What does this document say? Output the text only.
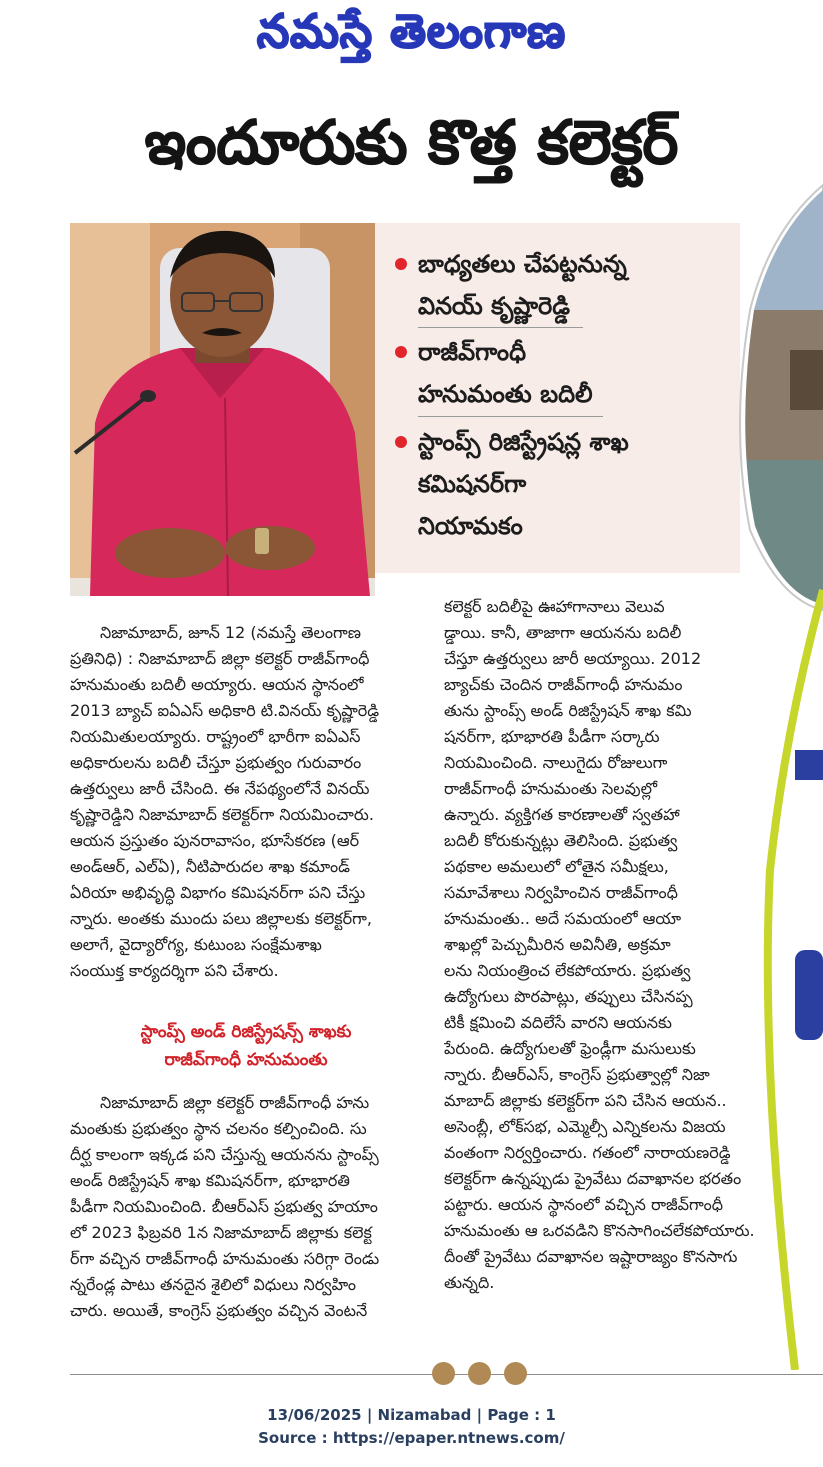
నమస్తే తెలంగాణ
ఇందూరుకు కొత్త కలెక్టర్
బాధ్యతలు చేపట్టనున్న
వినయ్ కృష్ణారెడ్డి
రాజీవ్‌గాంధీ
హనుమంతు బదిలీ
స్టాంప్స్ రిజిస్ట్రేషన్ల శాఖ
కమిషనర్‌గా
నియామకం

నిజామాబాద్, జూన్ 12 (నమస్తే తెలంగాణ

ప్రతినిధి) : నిజామాబాద్ జిల్లా కలెక్టర్ రాజీవ్‌గాంధీ

హనుమంతు బదిలీ అయ్యారు. ఆయన స్థానంలో

2013 బ్యాచ్ ఐఏఎస్ అధికారి టి.వినయ్ కృష్ణారెడ్డి

నియమితులయ్యారు. రాష్ట్రంలో భారీగా ఐఏఎస్

అధికారులను బదిలీ చేస్తూ ప్రభుత్వం గురువారం

ఉత్తర్వులు జారీ చేసింది. ఈ నేపథ్యంలోనే వినయ్

కృష్ణారెడ్డిని నిజామాబాద్ కలెక్టర్‌గా నియమించారు.

ఆయన ప్రస్తుతం పునరావాసం, భూసేకరణ (ఆర్

అండ్‌ఆర్, ఎల్‌ఏ), నీటిపారుదల శాఖ కమాండ్

ఏరియా అభివృద్ధి విభాగం కమిషనర్‌గా పని చేస్తు

న్నారు. అంతకు ముందు పలు జిల్లాలకు కలెక్టర్‌గా,

అలాగే, వైద్యారోగ్య, కుటుంబ సంక్షేమశాఖ

సంయుక్త కార్యదర్శిగా పని చేశారు.

స్టాంప్స్ అండ్ రిజిస్ట్రేషన్స్ శాఖకు

రాజీవ్‌గాంధీ హనుమంతు

నిజామాబాద్ జిల్లా కలెక్టర్ రాజీవ్‌గాంధీ హను

మంతుకు ప్రభుత్వం స్థాన చలనం కల్పించింది. సు

దీర్ఘ కాలంగా ఇక్కడ పని చేస్తున్న ఆయనను స్టాంప్స్

అండ్ రిజిస్ట్రేషన్ శాఖ కమిషనర్‌గా, భూభారతి

పీడీగా నియమించింది. బీఆర్‌ఎస్ ప్రభుత్వ హయాం

లో 2023 ఫిబ్రవరి 1న నిజామాబాద్ జిల్లాకు కలెక్ట

ర్‌గా వచ్చిన రాజీవ్‌గాంధీ హనుమంతు సరిగ్గా రెండు

న్నరేండ్ల పాటు తనదైన శైలిలో విధులు నిర్వహిం

చారు. అయితే, కాంగ్రెస్ ప్రభుత్వం వచ్చిన వెంటనే

కలెక్టర్ బదిలీపై ఊహాగానాలు వెలువ

డ్డాయి. కానీ, తాజాగా ఆయనను బదిలీ

చేస్తూ ఉత్తర్వులు జారీ అయ్యాయి. 2012

బ్యాచ్‌కు చెందిన రాజీవ్‌గాంధీ హనుమం

తును స్టాంప్స్ అండ్ రిజిస్ట్రేషన్ శాఖ కమి

షనర్‌గా, భూభారతి పీడీగా సర్కారు

నియమించింది. నాలుగైదు రోజులుగా

రాజీవ్‌గాంధీ హనుమంతు సెలవుల్లో

ఉన్నారు. వ్యక్తిగత కారణాలతో స్వతహా

బదిలీ కోరుకున్నట్లు తెలిసింది. ప్రభుత్వ

పథకాల అమలులో లోతైన సమీక్షలు,

సమావేశాలు నిర్వహించిన రాజీవ్‌గాంధీ

హనుమంతు.. అదే సమయంలో ఆయా

శాఖల్లో పెచ్చుమీరిన అవినీతి, అక్రమా

లను నియంత్రించ లేకపోయారు. ప్రభుత్వ

ఉద్యోగులు పొరపాట్లు, తప్పులు చేసినప్ప

టికీ క్షమించి వదిలేసే వారని ఆయనకు

పేరుంది. ఉద్యోగులతో ఫ్రెండ్లీగా మసులుకు

న్నారు. బీఆర్‌ఎస్, కాంగ్రెస్ ప్రభుత్వాల్లో నిజా

మాబాద్ జిల్లాకు కలెక్టర్‌గా పని చేసిన ఆయన..

అసెంబ్లీ, లోక్‌సభ, ఎమ్మెల్సీ ఎన్నికలను విజయ

వంతంగా నిర్వర్తించారు. గతంలో నారాయణరెడ్డి

కలెక్టర్‌గా ఉన్నప్పుడు ప్రైవేటు దవాఖానల భరతం

పట్టారు. ఆయన స్థానంలో వచ్చిన రాజీవ్‌గాంధీ

హనుమంతు ఆ ఒరవడిని కొనసాగించలేకపోయారు.

దీంతో ప్రైవేటు దవాఖానల ఇష్టారాజ్యం కొనసాగు

తున్నది.

13/06/2025 | Nizamabad | Page : 1
Source : https://epaper.ntnews.com/
